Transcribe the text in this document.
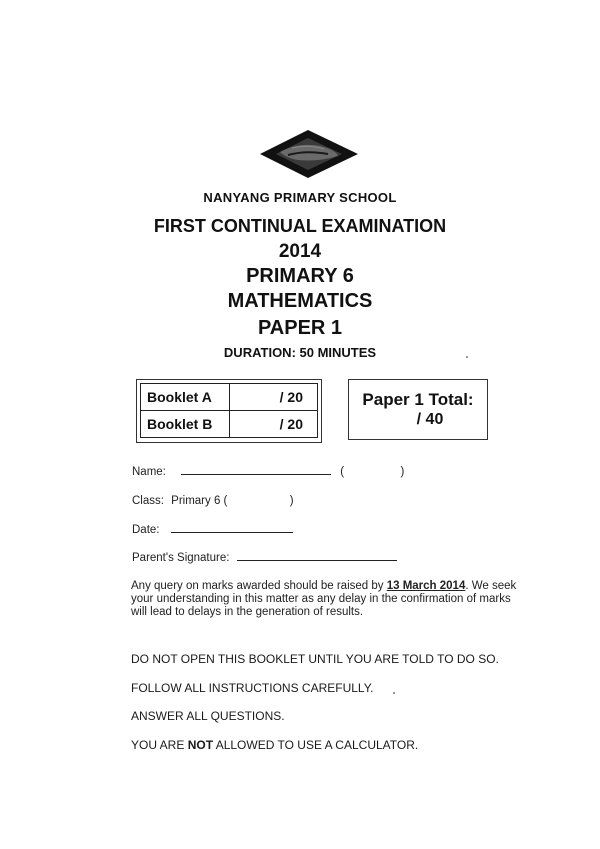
NANYANG PRIMARY SCHOOL
FIRST CONTINUAL EXAMINATION
2014
PRIMARY 6
MATHEMATICS
PAPER 1
DURATION: 50 MINUTES
Booklet A	/ 20
Booklet B	/ 20
Paper 1 Total:
/ 40
Name:	(	)
Class: Primary 6 (	)
Date:
Parent's Signature:
Any query on marks awarded should be raised by 13 March 2014. We seek your understanding in this matter as any delay in the confirmation of marks will lead to delays in the generation of results.
DO NOT OPEN THIS BOOKLET UNTIL YOU ARE TOLD TO DO SO.
FOLLOW ALL INSTRUCTIONS CAREFULLY.
ANSWER ALL QUESTIONS.
YOU ARE NOT ALLOWED TO USE A CALCULATOR.
